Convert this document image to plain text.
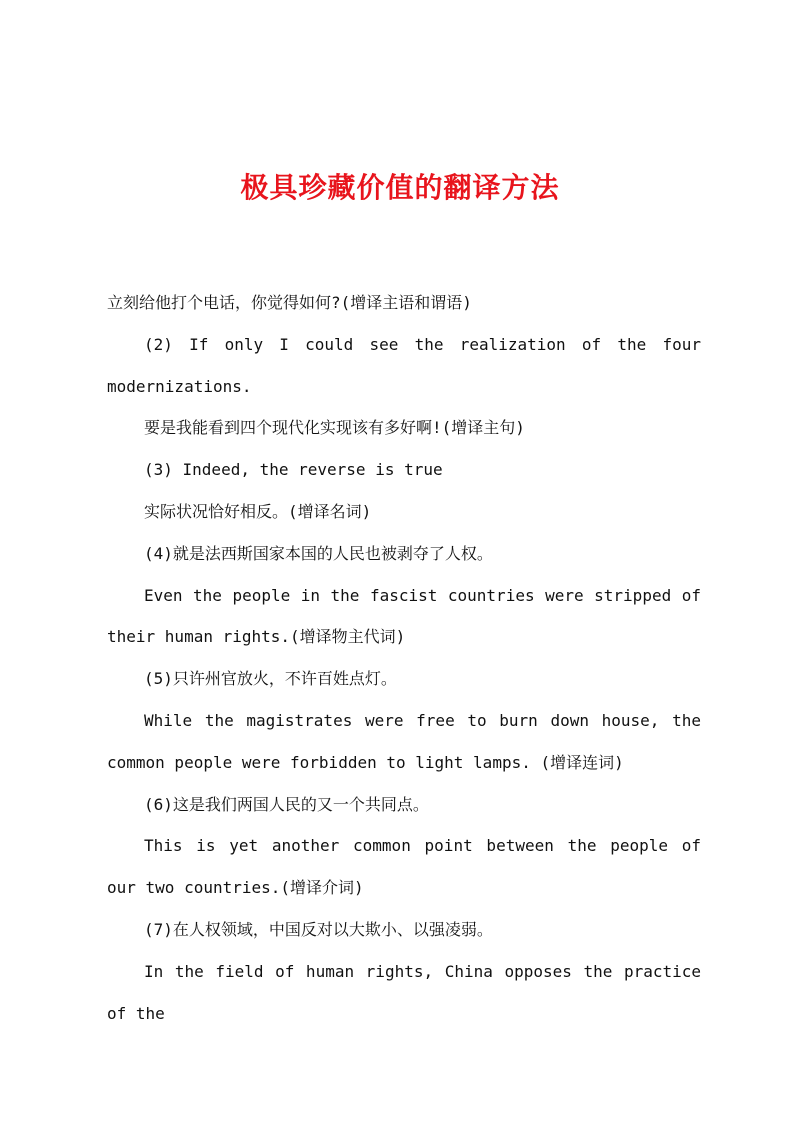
极具珍藏价值的翻译方法

立刻给他打个电话，你觉得如何?(增译主语和谓语)

(2) If only I could see the realization of the four modernizations.

要是我能看到四个现代化实现该有多好啊!(增译主句)

(3) Indeed, the reverse is true

实际状况恰好相反。(增译名词)

(4)就是法西斯国家本国的人民也被剥夺了人权。

Even the people in the fascist countries were stripped of their human rights.(增译物主代词)

(5)只许州官放火，不许百姓点灯。

While the magistrates were free to burn down house, the common people were forbidden to light lamps. (增译连词)

(6)这是我们两国人民的又一个共同点。

This is yet another common point between the people of our two countries.(增译介词)

(7)在人权领域，中国反对以大欺小、以强凌弱。

In the field of human rights, China opposes the practice of the
